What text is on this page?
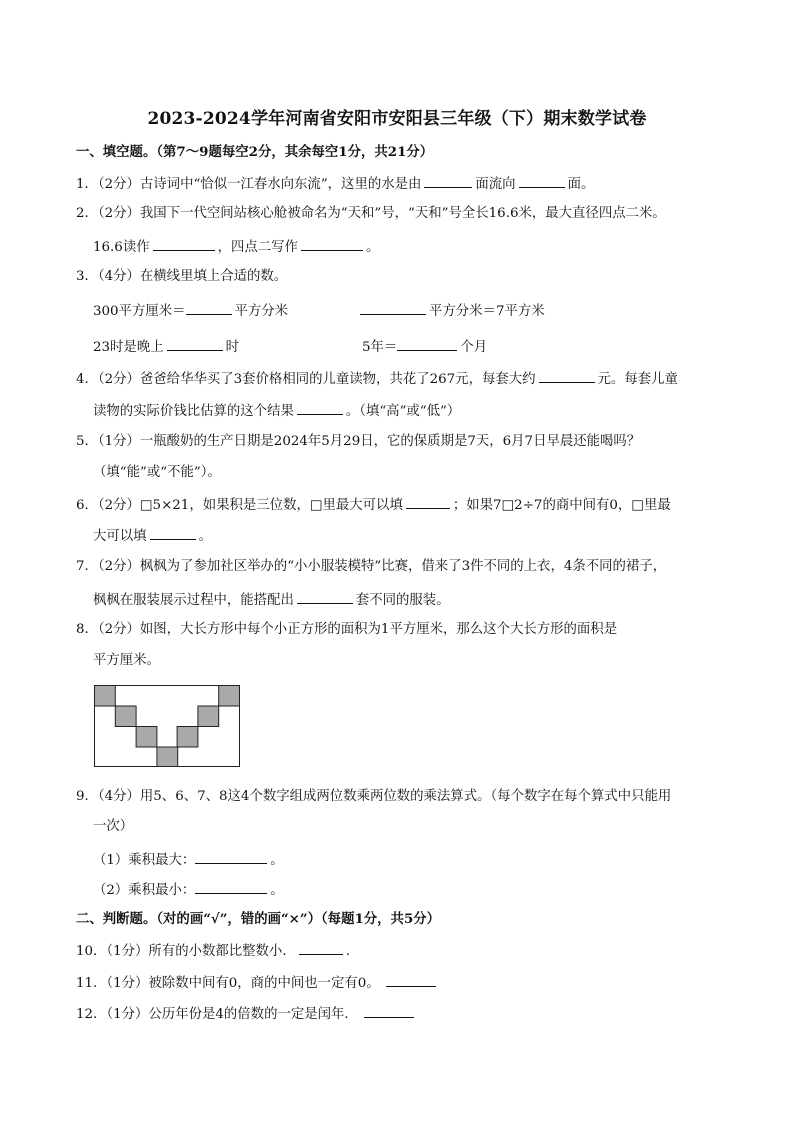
2023-2024学年河南省安阳市安阳县三年级（下）期末数学试卷
一、填空题。（第7～9题每空2分，其余每空1分，共21分）
1．（2分）古诗词中“恰似一江春水向东流”，这里的水是由	面流向	面。
2．（2分）我国下一代空间站核心舱被命名为“天和”号，“天和”号全长16.6米，最大直径四点二米。
16.6读作	，四点二写作	。
3．（4分）在横线里填上合适的数。
300平方厘米＝	平方分米	平方分米＝7平方米
23时是晚上	时	5年＝	个月
4．（2分）爸爸给华华买了3套价格相同的儿童读物，共花了267元，每套大约	元。每套儿童
读物的实际价钱比估算的这个结果	。（填“高”或“低”）
5．（1分）一瓶酸奶的生产日期是2024年5月29日，它的保质期是7天，6月7日早晨还能喝吗？
（填“能”或“不能”）。
6．（2分）□5×21，如果积是三位数，□里最大可以填	；如果7□2÷7的商中间有0，□里最
大可以填	。
7．（2分）枫枫为了参加社区举办的“小小服装模特”比赛，借来了3件不同的上衣，4条不同的裙子，
枫枫在服装展示过程中，能搭配出	套不同的服装。
8．（2分）如图，大长方形中每个小正方形的面积为1平方厘米，那么这个大长方形的面积是
平方厘米。
9．（4分）用5、6、7、8这4个数字组成两位数乘两位数的乘法算式。（每个数字在每个算式中只能用
一次）
（1）乘积最大：	。
（2）乘积最小：	。
二、判断题。（对的画“√”，错的画“×”）（每题1分，共5分）
10．（1分）所有的小数都比整数小．	.
11．（1分）被除数中间有0，商的中间也一定有0。
12．（1分）公历年份是4的倍数的一定是闰年．
